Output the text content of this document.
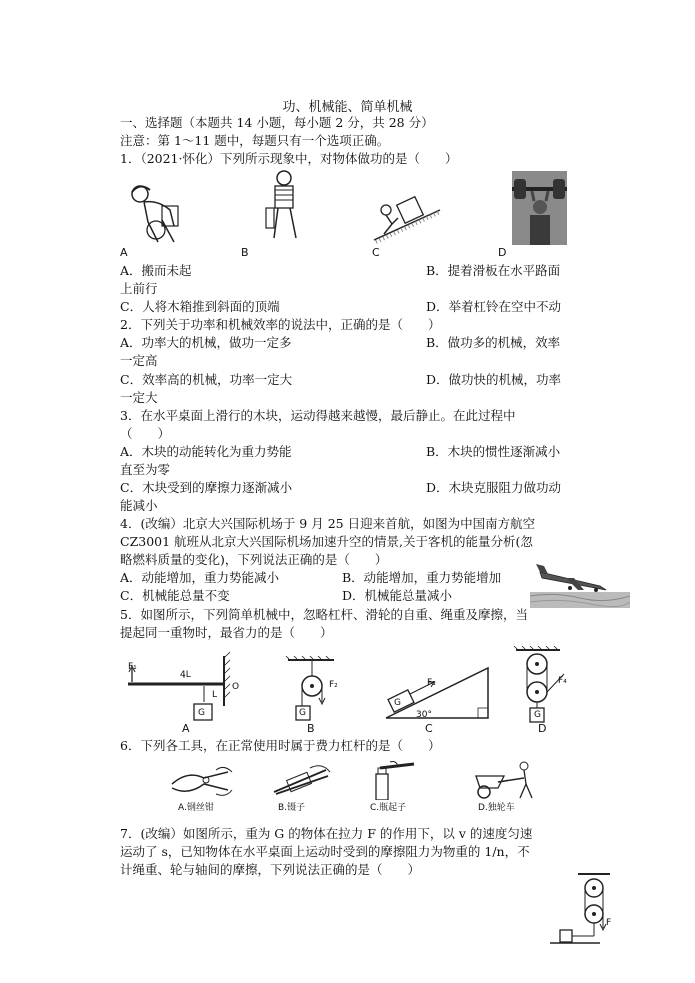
功、机械能、简单机械
一、选择题（本题共 14 小题，每小题 2 分，共 28 分）
注意：第 1～11 题中，每题只有一个选项正确。
1．（2021·怀化）下列所示现象中，对物体做功的是（　　）
A	B	C	D
A．搬而未起	B．提着滑板在水平路面
上前行
C．人将木箱推到斜面的顶端	D．举着杠铃在空中不动
2．下列关于功率和机械效率的说法中，正确的是（　　）
A．功率大的机械，做功一定多	B．做功多的机械，效率
一定高
C．效率高的机械，功率一定大	D．做功快的机械，功率
一定大
3．在水平桌面上滑行的木块，运动得越来越慢，最后静止。在此过程中
（　　）
A．木块的动能转化为重力势能	B．木块的惯性逐渐减小
直至为零
C．木块受到的摩擦力逐渐减小	D．木块克服阻力做功动
能减小
4．(改编）北京大兴国际机场于 9 月 25 日迎来首航，如图为中国南方航空
CZ3001 航班从北京大兴国际机场加速升空的情景,关于客机的能量分析(忽
略燃料质量的变化)，下列说法正确的是（　　）
A．动能增加，重力势能减小	B．动能增加，重力势能增加
C．机械能总量不变	D．机械能总量减小
5．如图所示，下列简单机械中，忽略杠杆、滑轮的自重、绳重及摩擦，当
提起同一重物时，最省力的是（　　）
F₁
4L
L
O
G
A
F₂
G
B
F₃
G
30°
C
F₄
G
D
6．下列各工具，在正常使用时属于费力杠杆的是（　　）
A.钢丝钳	B.镊子	C.瓶起子	D.独轮车
7．(改编）如图所示，重为 G 的物体在拉力 F 的作用下，以 v 的速度匀速
运动了 s，已知物体在水平桌面上运动时受到的摩擦阻力为物重的 1/n，不
计绳重、轮与轴间的摩擦，下列说法正确的是（　　）
F
